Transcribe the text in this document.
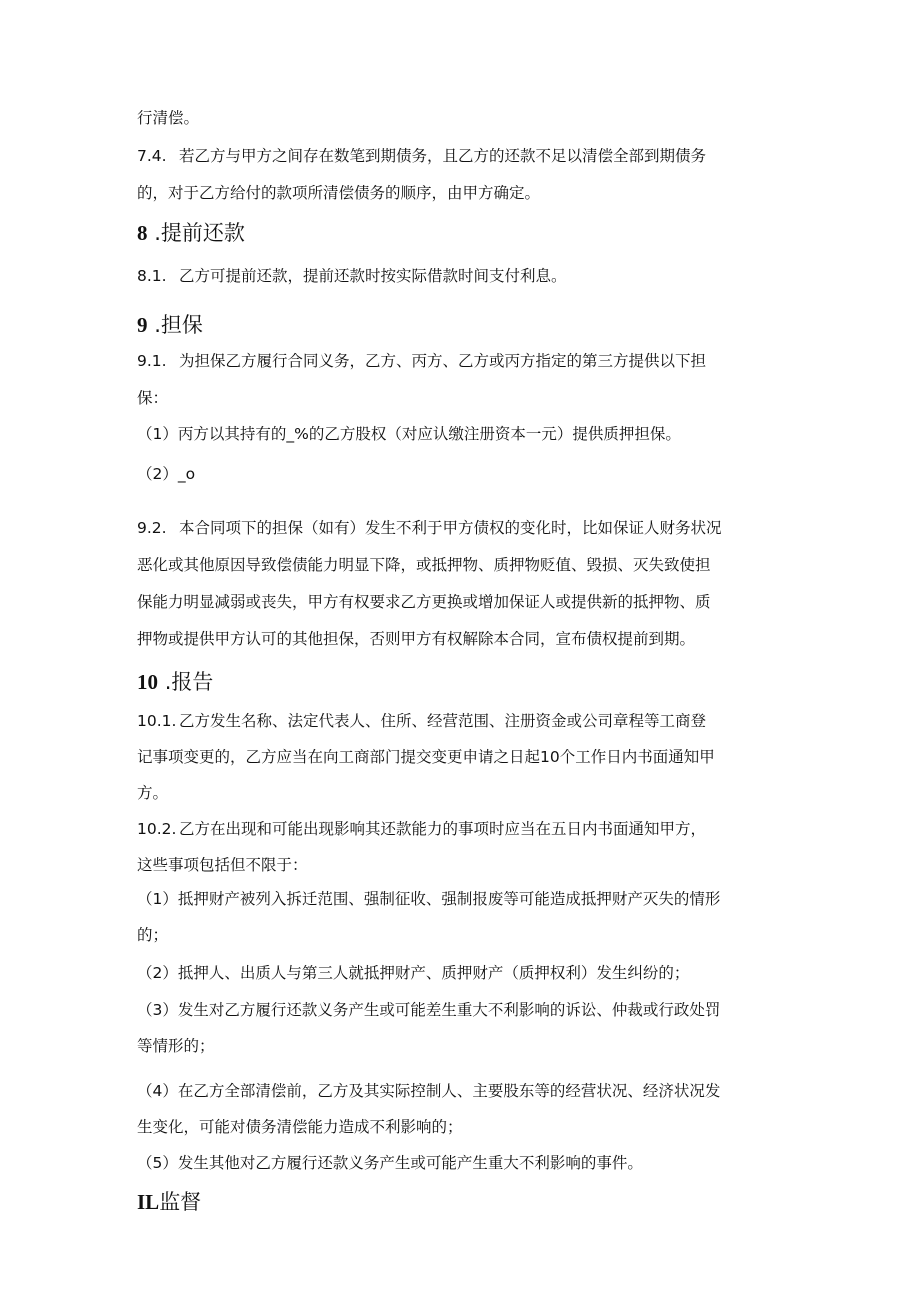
行清偿。
7.4. 若乙方与甲方之间存在数笔到期债务，且乙方的还款不足以清偿全部到期债务
的，对于乙方给付的款项所清偿债务的顺序，由甲方确定。
8 .提前还款
8.1. 乙方可提前还款，提前还款时按实际借款时间支付利息。
9 .担保
9.1. 为担保乙方履行合同义务，乙方、丙方、乙方或丙方指定的第三方提供以下担
保：
（1）丙方以其持有的_%的乙方股权（对应认缴注册资本一元）提供质押担保。
（2）_o
9.2. 本合同项下的担保（如有）发生不利于甲方债权的变化时，比如保证人财务状况
恶化或其他原因导致偿债能力明显下降，或抵押物、质押物贬值、毁损、灭失致使担
保能力明显减弱或丧失，甲方有权要求乙方更换或增加保证人或提供新的抵押物、质
押物或提供甲方认可的其他担保，否则甲方有权解除本合同，宣布债权提前到期。
10 .报告
10.1. 乙方发生名称、法定代表人、住所、经营范围、注册资金或公司章程等工商登
记事项变更的，乙方应当在向工商部门提交变更申请之日起10个工作日内书面通知甲
方。
10.2. 乙方在出现和可能出现影响其还款能力的事项时应当在五日内书面通知甲方，
这些事项包括但不限于：
（1）抵押财产被列入拆迁范围、强制征收、强制报废等可能造成抵押财产灭失的情形
的；
（2）抵押人、出质人与第三人就抵押财产、质押财产（质押权利）发生纠纷的；
（3）发生对乙方履行还款义务产生或可能差生重大不利影响的诉讼、仲裁或行政处罚
等情形的；
（4）在乙方全部清偿前，乙方及其实际控制人、主要股东等的经营状况、经济状况发
生变化，可能对债务清偿能力造成不利影响的；
（5）发生其他对乙方履行还款义务产生或可能产生重大不利影响的事件。
IL监督
